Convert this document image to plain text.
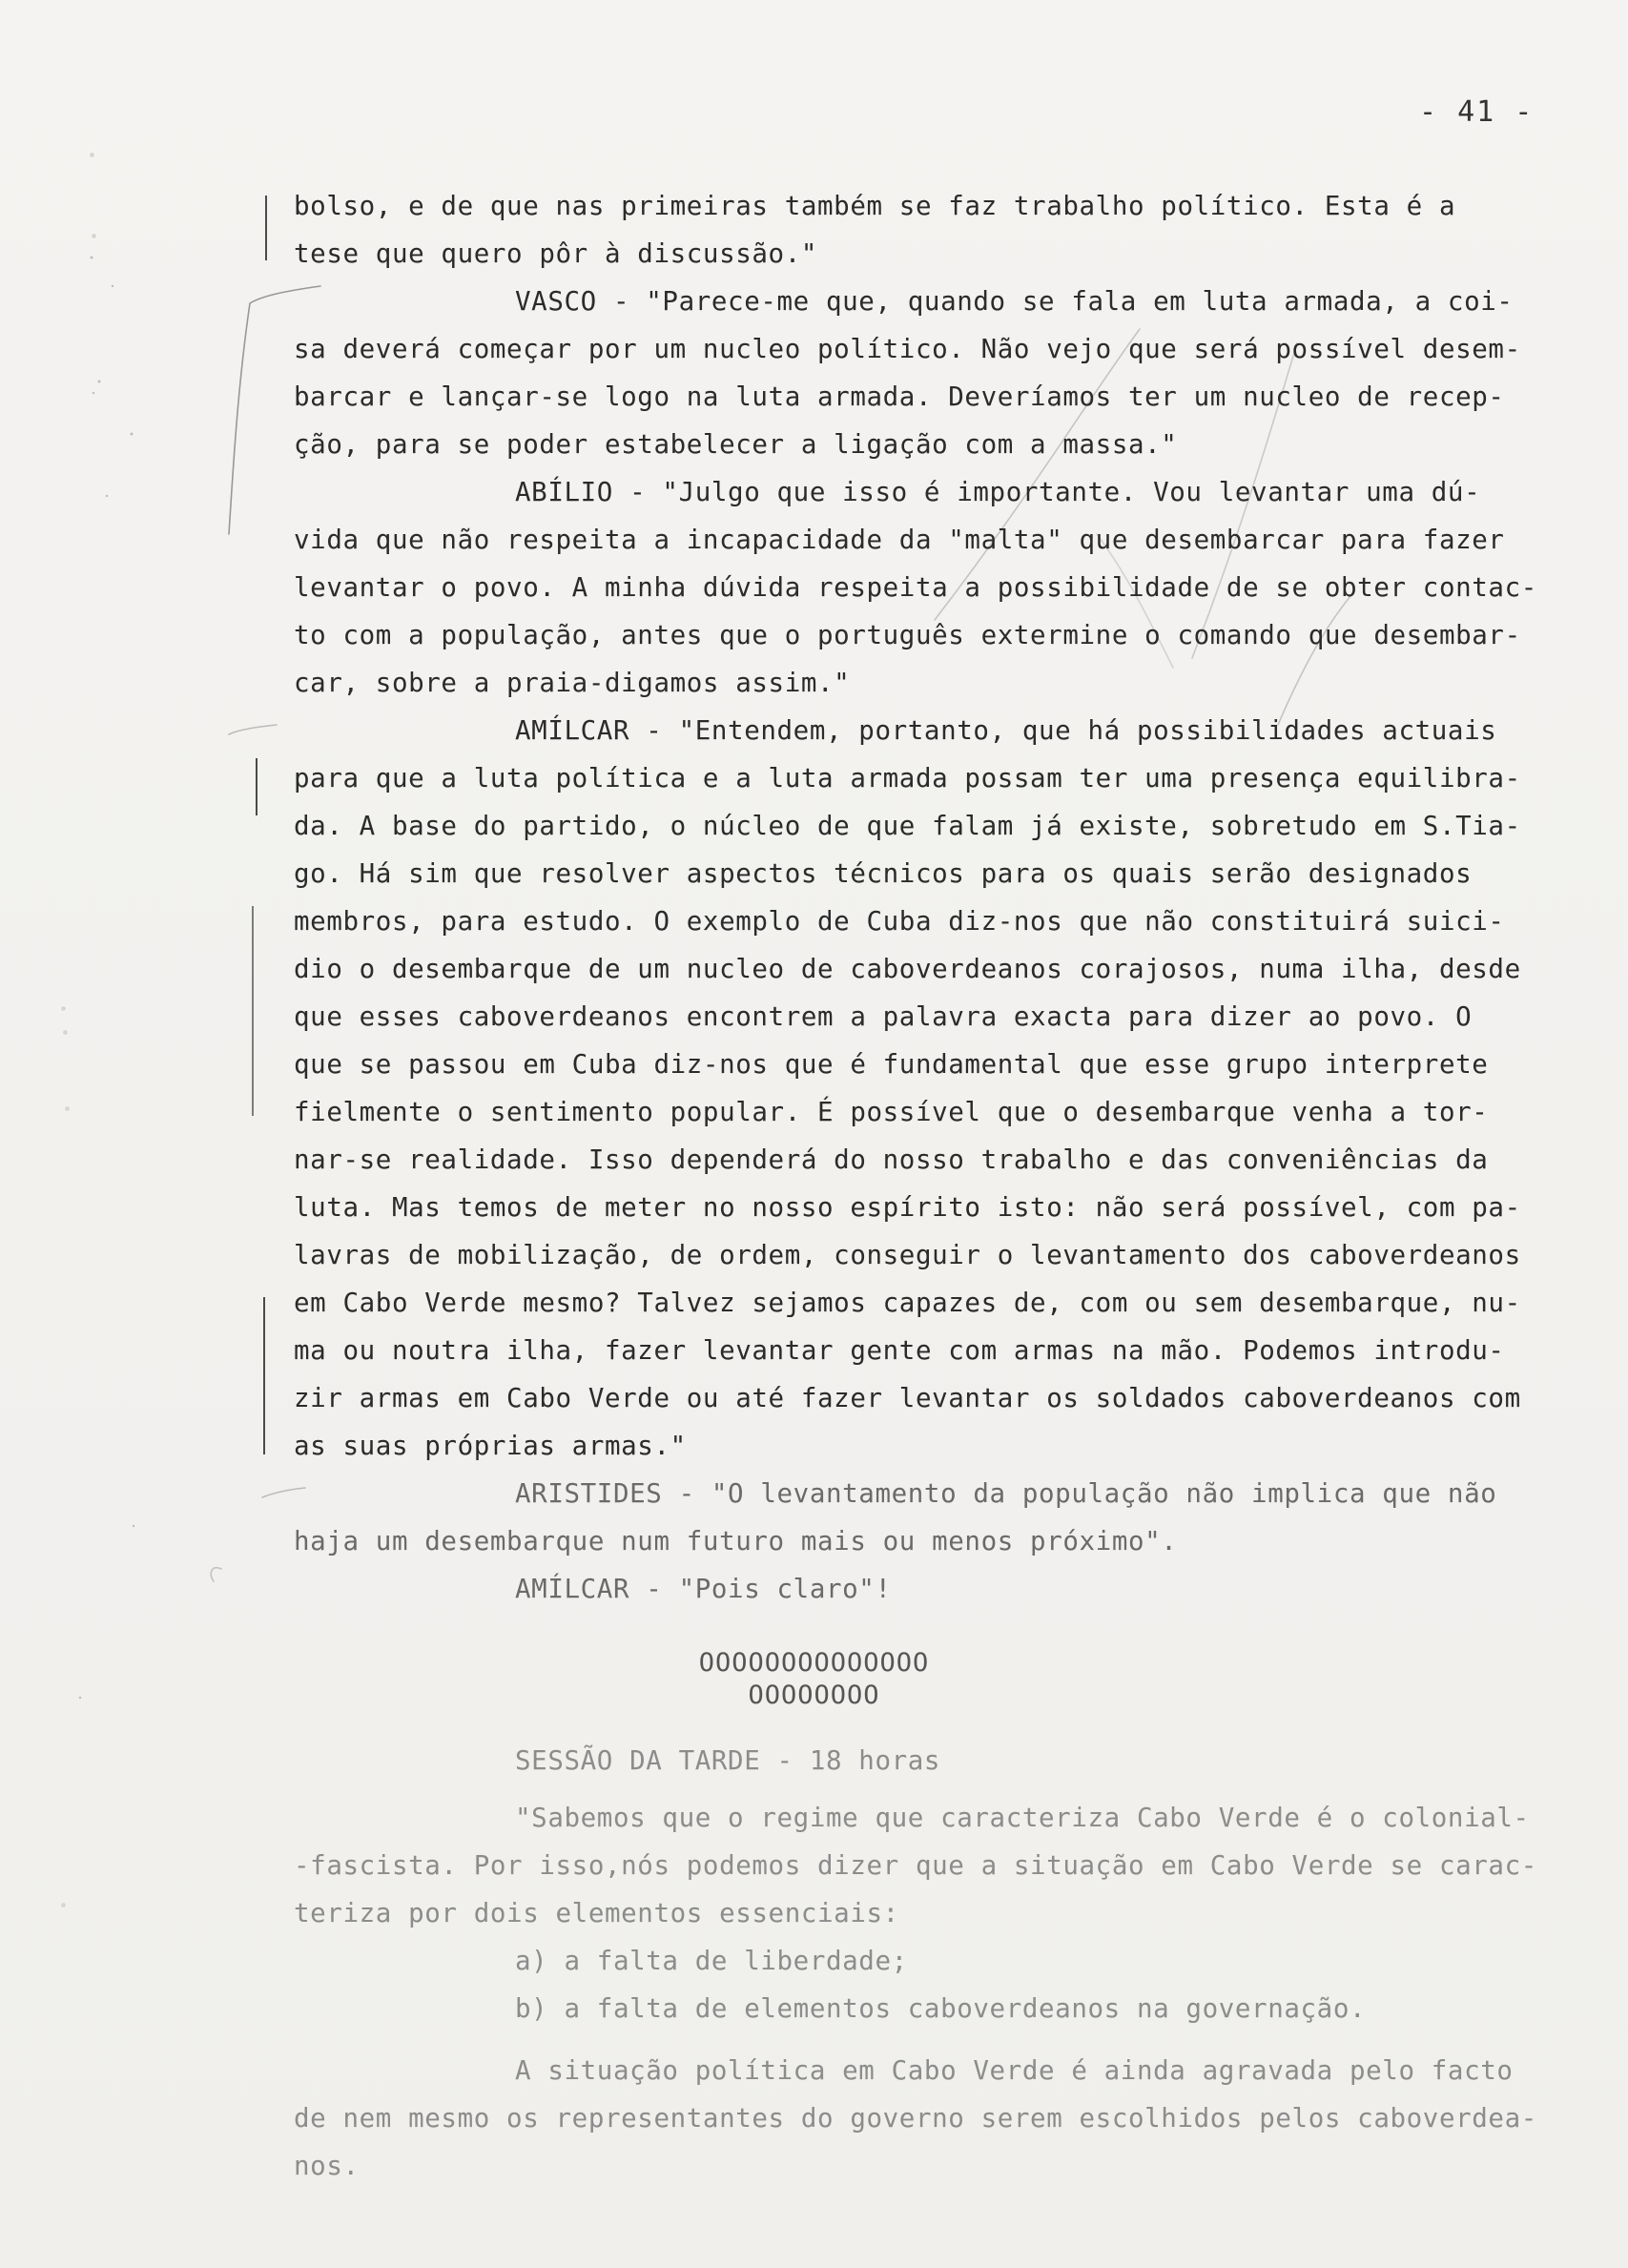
- 41 -
bolso, e de que nas primeiras também se faz trabalho político. Esta é a
tese que quero pôr à discussão."
VASCO - "Parece-me que, quando se fala em luta armada, a coi-
sa deverá começar por um nucleo político. Não vejo que será possível desem-
barcar e lançar-se logo na luta armada. Deveríamos ter um nucleo de recep-
ção, para se poder estabelecer a ligação com a massa."
ABÍLIO - "Julgo que isso é importante. Vou levantar uma dú-
vida que não respeita a incapacidade da "malta" que desembarcar para fazer
levantar o povo. A minha dúvida respeita a possibilidade de se obter contac-
to com a população, antes que o português extermine o comando que desembar-
car, sobre a praia-digamos assim."
AMÍLCAR - "Entendem, portanto, que há possibilidades actuais
para que a luta política e a luta armada possam ter uma presença equilibra-
da. A base do partido, o núcleo de que falam já existe, sobretudo em S.Tia-
go. Há sim que resolver aspectos técnicos para os quais serão designados
membros, para estudo. O exemplo de Cuba diz-nos que não constituirá suici-
dio o desembarque de um nucleo de caboverdeanos corajosos, numa ilha, desde
que esses caboverdeanos encontrem a palavra exacta para dizer ao povo. O
que se passou em Cuba diz-nos que é fundamental que esse grupo interprete
fielmente o sentimento popular. É possível que o desembarque venha a tor-
nar-se realidade. Isso dependerá do nosso trabalho e das conveniências da
luta. Mas temos de meter no nosso espírito isto: não será possível, com pa-
lavras de mobilização, de ordem, conseguir o levantamento dos caboverdeanos
em Cabo Verde mesmo? Talvez sejamos capazes de, com ou sem desembarque, nu-
ma ou noutra ilha, fazer levantar gente com armas na mão. Podemos introdu-
zir armas em Cabo Verde ou até fazer levantar os soldados caboverdeanos com
as suas próprias armas."
ARISTIDES - "O levantamento da população não implica que não
haja um desembarque num futuro mais ou menos próximo".
AMÍLCAR - "Pois claro"!
OOOOOOOOOOOOOO
OOOOOOOO
SESSÃO DA TARDE - 18 horas
"Sabemos que o regime que caracteriza Cabo Verde é o colonial-
-fascista. Por isso,nós podemos dizer que a situação em Cabo Verde se carac-
teriza por dois elementos essenciais:
a) a falta de liberdade;
b) a falta de elementos caboverdeanos na governação.
A situação política em Cabo Verde é ainda agravada pelo facto
de nem mesmo os representantes do governo serem escolhidos pelos caboverdea-
nos.
